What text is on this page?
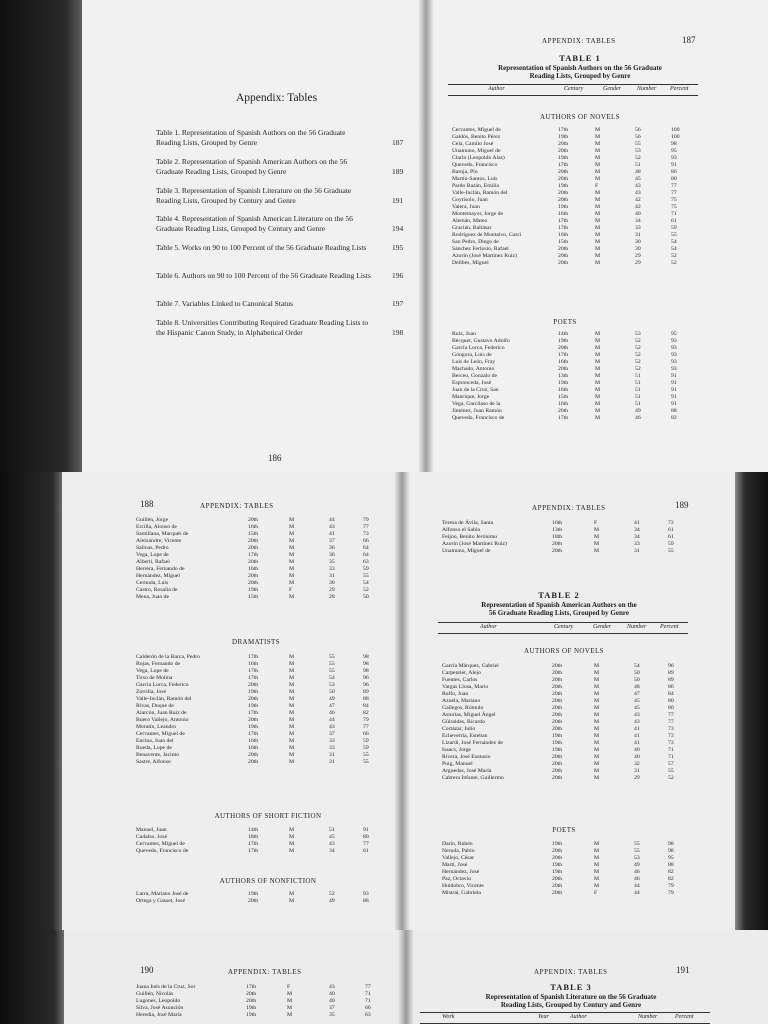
Appendix: Tables
Table 1. Representation of Spanish Authors on the 56 Graduate Reading Lists, Grouped by Genre	187
Table 2. Representation of Spanish American Authors on the 56 Graduate Reading Lists, Grouped by Genre	189
Table 3. Representation of Spanish Literature on the 56 Graduate Reading Lists, Grouped by Century and Genre	191
Table 4. Representation of Spanish American Literature on the 56 Graduate Reading Lists, Grouped by Century and Genre	194
Table 5. Works on 90 to 100 Percent of the 56 Graduate Reading Lists	195
Table 6. Authors on 90 to 100 Percent of the 56 Graduate Reading Lists	196
Table 7. Variables Linked to Canonical Status	197
Table 8. Universities Contributing Required Graduate Reading Lists to the Hispanic Canon Study, in Alphabetical Order	198
186
APPENDIX: TABLES	187
TABLE 1
Representation of Spanish Authors on the 56 Graduate
Reading Lists, Grouped by Genre
Author	Century	Gender	Number Percent
AUTHORS OF NOVELS
Cervantes, Miguel de	17th	M	56	100
Galdós, Benito Pérez	19th	M	56	100
Cela, Camilo José	20th	M	55	98
Unamuno, Miguel de	20th	M	53	95
Clarín (Leopoldo Alas)	19th	M	52	93
Quevedo, Francisco	17th	M	51	91
Baroja, Pío	20th	M	48	86
Martín-Santos, Luis	20th	M	45	80
Pardo Bazán, Emilia	19th	F	43	77
Valle-Inclán, Ramón del	20th	M	43	77
Goytisolo, Juan	20th	M	42	75
Valera, Juan	19th	M	42	75
Montemayor, Jorge de	16th	M	40	71
Alemán, Mateo	17th	M	34	61
Gracián, Baltásar	17th	M	33	59
Rodríguez de Montalvo, Garci	16th	M	31	55
San Pedro, Diego de	15th	M	30	54
Sánchez Ferlosio, Rafael	20th	M	30	54
Azorín (José Martínez Ruiz)	20th	M	29	52
Delibes, Miguel	20th	M	29	52
POETS
Ruiz, Juan	14th	M	53	95
Bécquer, Gustavo Adolfo	19th	M	52	93
García Lorca, Federico	20th	M	52	93
Góngora, Luis de	17th	M	52	93
Luis de León, Fray	16th	M	52	93
Machado, Antonio	20th	M	52	93
Berceo, Gonzalo de	13th	M	51	91
Espronceda, José	19th	M	51	91
Juan de la Cruz, San	16th	M	51	91
Manrique, Jorge	15th	M	51	91
Vega, Garcilaso de la	16th	M	51	91
Jiménez, Juan Ramón	20th	M	49	88
Quevedo, Francisco de	17th	M	46	82
188	APPENDIX: TABLES
Guillén, Jorge	20th	M	44	79
Ercilla, Alonso de	16th	M	43	77
Santillana, Marqués de	15th	M	41	73
Aleixandre, Vicente	20th	M	37	66
Salinas, Pedro	20th	M	36	64
Vega, Lope de	17th	M	36	64
Alberti, Rafael	20th	M	35	63
Herrera, Fernando de	16th	M	33	59
Hernández, Miguel	20th	M	31	55
Cernuda, Luis	20th	M	30	54
Castro, Rosalía de	19th	F	29	52
Mena, Juan de	15th	M	28	50
DRAMATISTS
Calderón de la Barca, Pedro	17th	M	55	98
Rojas, Fernando de	16th	M	55	98
Vega, Lope de	17th	M	55	98
Tirso de Molina	17th	M	54	96
García Lorca, Federico	20th	M	53	96
Zorrilla, José	19th	M	50	89
Valle-Inclán, Ramón del	20th	M	49	88
Rivas, Duque de	19th	M	47	84
Alarcón, Juan Ruiz de	17th	M	46	82
Buero Vallejo, Antonio	20th	M	44	79
Moratín, Leandro	19th	M	43	77
Cervantes, Miguel de	17th	M	37	66
Encina, Juan del	16th	M	33	59
Rueda, Lope de	16th	M	33	59
Benavente, Jacinto	20th	M	31	55
Sastre, Alfonso	20th	M	31	55
AUTHORS OF SHORT FICTION
Manuel, Juan	14th	M	51	91
Cadalso, José	18th	M	45	80
Cervantes, Miguel de	17th	M	43	77
Quevedo, Francisco de	17th	M	34	61
AUTHORS OF NONFICTION
Larra, Mariano José de	19th	M	52	93
Ortega y Gasset, José	20th	M	49	88
APPENDIX: TABLES	189
Teresa de Ávila, Santa	16th	F	41	73
Alfonso el Sabio	13th	M	34	61
Feijoo, Benito Jerónimo	18th	M	34	61
Azorín (José Martínez Ruiz)	20th	M	33	59
Unamuno, Miguel de	20th	M	31	55
TABLE 2
Representation of Spanish American Authors on the
56 Graduate Reading Lists, Grouped by Genre
Author	Century	Gender	Number Percent
AUTHORS OF NOVELS
García Márquez, Gabriel	20th	M	54	96
Carpentier, Alejo	20th	M	50	89
Fuentes, Carlos	20th	M	50	89
Vargas Llosa, Mario	20th	M	48	86
Rulfo, Juan	20th	M	47	84
Azuela, Mariano	20th	M	45	80
Gallegos, Rómulo	20th	M	45	80
Asturias, Miguel Ángel	20th	M	43	77
Güiraldes, Ricardo	20th	M	43	77
Cortázar, Julio	20th	M	41	73
Echeverría, Esteban	19th	M	41	73
Lizardi, José Fernández de	19th	M	41	73
Isaacs, Jorge	19th	M	40	71
Rivera, José Eustasio	20th	M	40	71
Puig, Manuel	20th	M	32	57
Arguedas, José María	20th	M	31	55
Cabrera Infante, Guillermo	20th	M	29	52
POETS
Darío, Rubén	19th	M	55	98
Neruda, Pablo	20th	M	55	98
Vallejo, César	20th	M	53	95
Martí, José	19th	M	49	88
Hernández, José	19th	M	46	82
Paz, Octavio	20th	M	46	82
Huidobro, Vicente	20th	M	44	79
Mistral, Gabriela	20th	F	44	79
190	APPENDIX: TABLES
Juana Inés de la Cruz, Sor	17th	F	43	77
Guillén, Nicolás	20th	M	40	71
Lugones, Leopoldo	20th	M	40	71
Silva, José Asunción	19th	M	37	66
Heredia, José María	19th	M	35	63
APPENDIX: TABLES	191
TABLE 3
Representation of Spanish Literature on the 56 Graduate
Reading Lists, Grouped by Century and Genre
Work	Year	Author	Number	Percent
